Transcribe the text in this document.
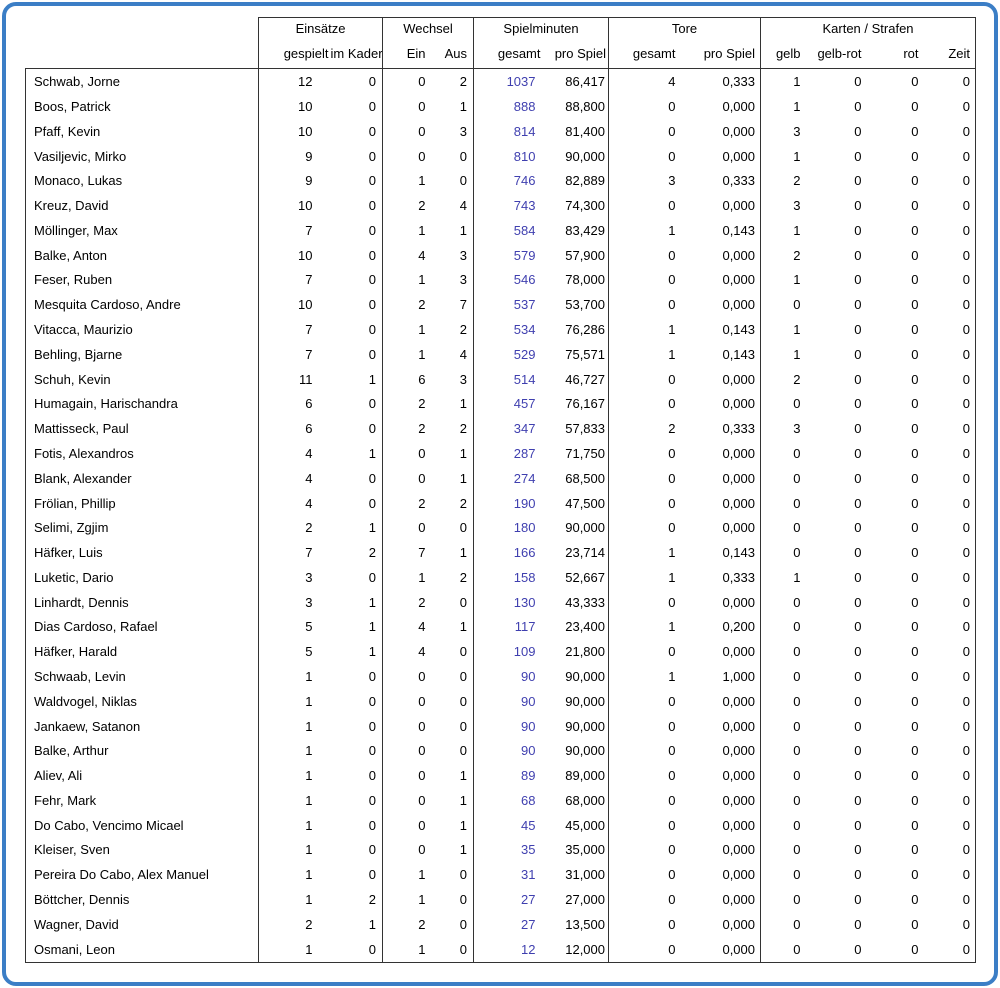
	Einsätze		Wechsel		Spielminuten		Tore		Karten / Strafen			
	gespielt	im Kader	Ein	Aus	gesamt	pro Spiel	gesamt	pro Spiel	gelb	gelb-rot	rot	Zeit
Schwab, Jorne	12	0	0	2	1037	86,417	4	0,333	1	0	0	0
Boos, Patrick	10	0	0	1	888	88,800	0	0,000	1	0	0	0
Pfaff, Kevin	10	0	0	3	814	81,400	0	0,000	3	0	0	0
Vasiljevic, Mirko	9	0	0	0	810	90,000	0	0,000	1	0	0	0
Monaco, Lukas	9	0	1	0	746	82,889	3	0,333	2	0	0	0
Kreuz, David	10	0	2	4	743	74,300	0	0,000	3	0	0	0
Möllinger, Max	7	0	1	1	584	83,429	1	0,143	1	0	0	0
Balke, Anton	10	0	4	3	579	57,900	0	0,000	2	0	0	0
Feser, Ruben	7	0	1	3	546	78,000	0	0,000	1	0	0	0
Mesquita Cardoso, Andre	10	0	2	7	537	53,700	0	0,000	0	0	0	0
Vitacca, Maurizio	7	0	1	2	534	76,286	1	0,143	1	0	0	0
Behling, Bjarne	7	0	1	4	529	75,571	1	0,143	1	0	0	0
Schuh, Kevin	11	1	6	3	514	46,727	0	0,000	2	0	0	0
Humagain, Harischandra	6	0	2	1	457	76,167	0	0,000	0	0	0	0
Mattisseck, Paul	6	0	2	2	347	57,833	2	0,333	3	0	0	0
Fotis, Alexandros	4	1	0	1	287	71,750	0	0,000	0	0	0	0
Blank, Alexander	4	0	0	1	274	68,500	0	0,000	0	0	0	0
Frölian, Phillip	4	0	2	2	190	47,500	0	0,000	0	0	0	0
Selimi, Zgjim	2	1	0	0	180	90,000	0	0,000	0	0	0	0
Häfker, Luis	7	2	7	1	166	23,714	1	0,143	0	0	0	0
Luketic, Dario	3	0	1	2	158	52,667	1	0,333	1	0	0	0
Linhardt, Dennis	3	1	2	0	130	43,333	0	0,000	0	0	0	0
Dias Cardoso, Rafael	5	1	4	1	117	23,400	1	0,200	0	0	0	0
Häfker, Harald	5	1	4	0	109	21,800	0	0,000	0	0	0	0
Schwaab, Levin	1	0	0	0	90	90,000	1	1,000	0	0	0	0
Waldvogel, Niklas	1	0	0	0	90	90,000	0	0,000	0	0	0	0
Jankaew, Satanon	1	0	0	0	90	90,000	0	0,000	0	0	0	0
Balke, Arthur	1	0	0	0	90	90,000	0	0,000	0	0	0	0
Aliev, Ali	1	0	0	1	89	89,000	0	0,000	0	0	0	0
Fehr, Mark	1	0	0	1	68	68,000	0	0,000	0	0	0	0
Do Cabo, Vencimo Micael	1	0	0	1	45	45,000	0	0,000	0	0	0	0
Kleiser, Sven	1	0	0	1	35	35,000	0	0,000	0	0	0	0
Pereira Do Cabo, Alex Manuel	1	0	1	0	31	31,000	0	0,000	0	0	0	0
Böttcher, Dennis	1	2	1	0	27	27,000	0	0,000	0	0	0	0
Wagner, David	2	1	2	0	27	13,500	0	0,000	0	0	0	0
Osmani, Leon	1	0	1	0	12	12,000	0	0,000	0	0	0	0
